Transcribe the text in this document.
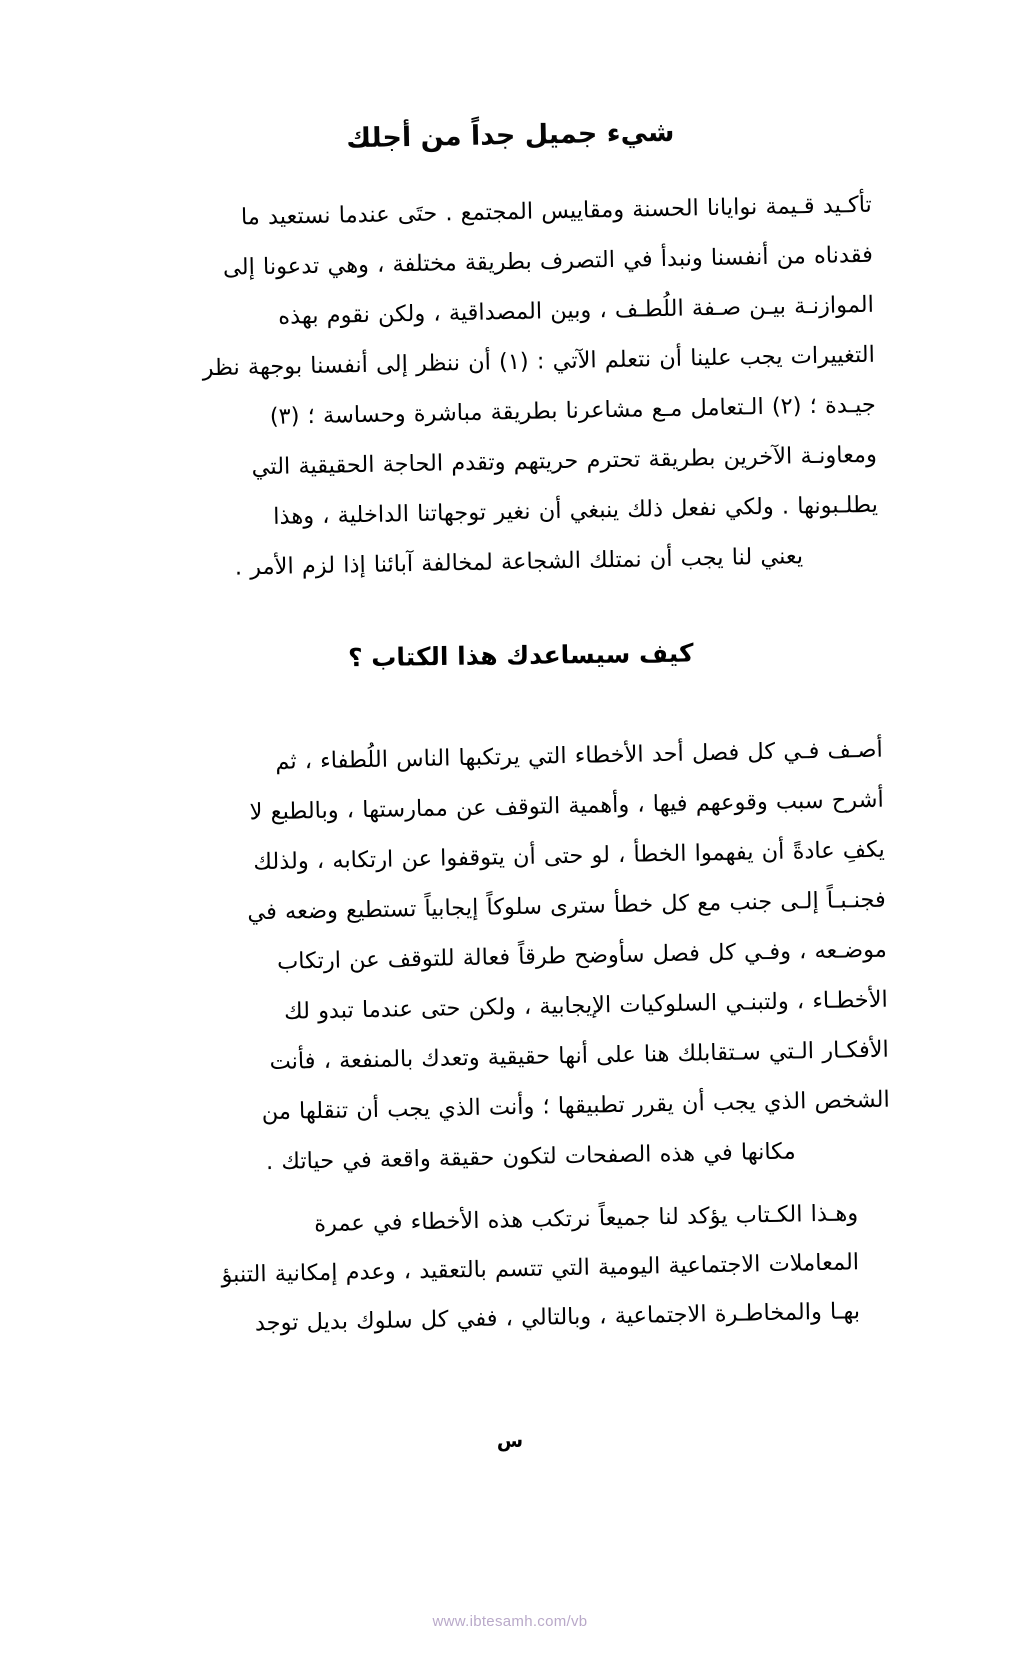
شيء جميل جداً من أجلك

تأكـيد قـيمة نوايانا الحسنة ومقاييس المجتمع . حتَى عندما نستعيد ما
فقدناه من أنفسنا ونبدأ في التصرف بطريقة مختلفة ، وهي تدعونا إلى
الموازنـة بيـن صـفة اللُطـف ، وبين المصداقية ، ولكن نقوم بهذه
التغييرات يجب علينا أن نتعلم الآتي : (١) أن ننظر إلى أنفسنا بوجهة نظر
جيـدة ؛ (٢) الـتعامل مـع مشاعرنا بطريقة مباشرة وحساسة ؛ (٣)
ومعاونـة الآخرين بطريقة تحترم حريتهم وتقدم الحاجة الحقيقية التي
يطلـبونها . ولكي نفعل ذلك ينبغي أن نغير توجهاتنا الداخلية ، وهذا
يعني لنا يجب أن نمتلك الشجاعة لمخالفة آبائنا إذا لزم الأمر .

كيف سيساعدك هذا الكتاب ؟

أصـف فـي كل فصل أحد الأخطاء التي يرتكبها الناس اللُطفاء ، ثم
أشرح سبب وقوعهم فيها ، وأهمية التوقف عن ممارستها ، وبالطبع لا
يكفِ عادةً أن يفهموا الخطأ ، لو حتى أن يتوقفوا عن ارتكابه ، ولذلك
فجنـبـاً إلـى جنب مع كل خطأ سترى سلوكاً إيجابياً تستطيع وضعه في
موضـعه ، وفـي كل فصل سأوضح طرقاً فعالة للتوقف عن ارتكاب
الأخطـاء ، ولتبنـي السلوكيات الإيجابية ، ولكن حتى عندما تبدو لك
الأفكـار الـتي سـتقابلك هنا على أنها حقيقية وتعدك بالمنفعة ، فأنت
الشخص الذي يجب أن يقرر تطبيقها ؛ وأنت الذي يجب أن تنقلها من
مكانها في هذه الصفحات لتكون حقيقة واقعة في حياتك .

وهـذا الكـتاب يؤكد لنا جميعاً نرتكب هذه الأخطاء في عمرة
المعاملات الاجتماعية اليومية التي تتسم بالتعقيد ، وعدم إمكانية التنبؤ
بهـا والمخاطـرة الاجتماعية ، وبالتالي ، ففي كل سلوك بديل توجد

س
www.ibtesamh.com/vb
